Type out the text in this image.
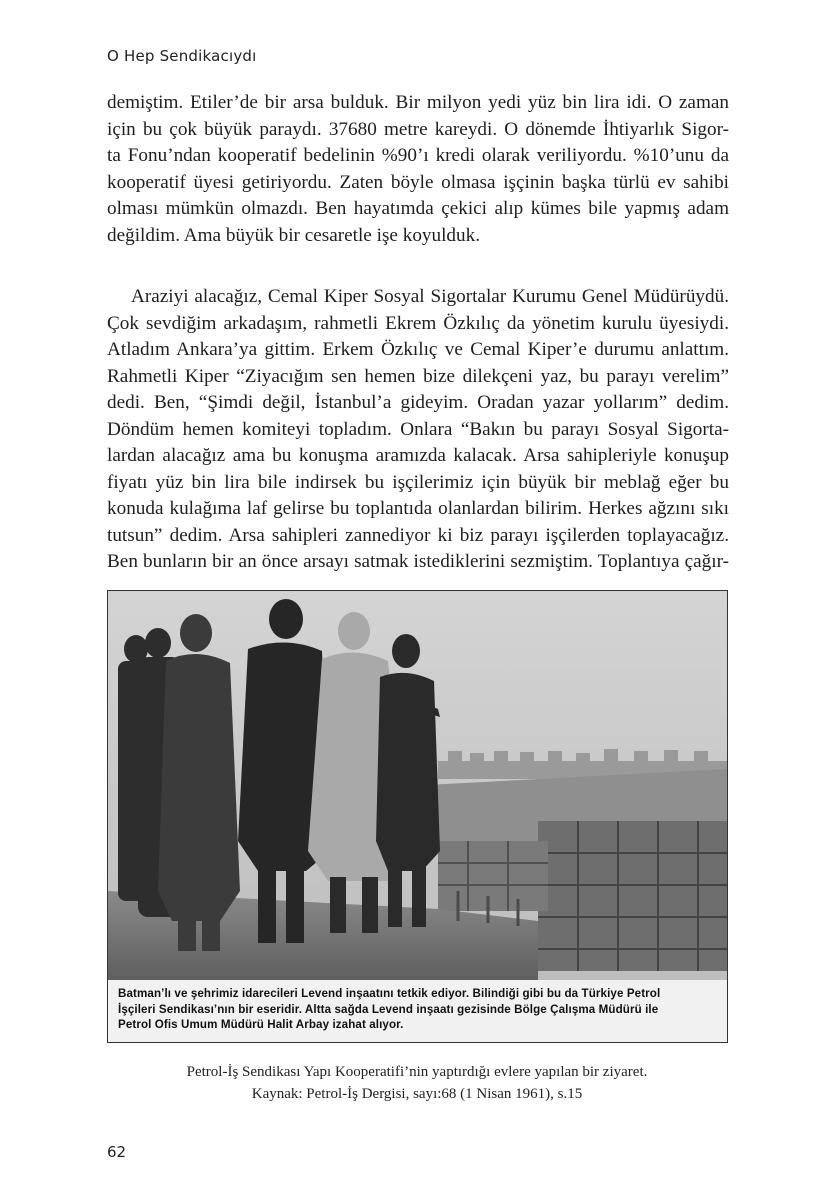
O Hep Sendikacıydı
demiştim. Etiler’de bir arsa bulduk. Bir milyon yedi yüz bin lira idi. O zaman
için bu çok büyük paraydı. 37680 metre kareydi. O dönemde İhtiyarlık Sigor-
ta Fonu’ndan kooperatif bedelinin %90’ı kredi olarak veriliyordu. %10’unu da
kooperatif üyesi getiriyordu. Zaten böyle olmasa işçinin başka türlü ev sahibi
olması mümkün olmazdı. Ben hayatımda çekici alıp kümes bile yapmış adam
değildim. Ama büyük bir cesaretle işe koyulduk.
Araziyi alacağız, Cemal Kiper Sosyal Sigortalar Kurumu Genel Müdürüydü.
Çok sevdiğim arkadaşım, rahmetli Ekrem Özkılıç da yönetim kurulu üyesiydi.
Atladım Ankara’ya gittim. Erkem Özkılıç ve Cemal Kiper’e durumu anlattım.
Rahmetli Kiper “Ziyacığım sen hemen bize dilekçeni yaz, bu parayı verelim”
dedi. Ben, “Şimdi değil, İstanbul’a gideyim. Oradan yazar yollarım” dedim.
Döndüm hemen komiteyi topladım. Onlara “Bakın bu parayı Sosyal Sigorta-
lardan alacağız ama bu konuşma aramızda kalacak. Arsa sahipleriyle konuşup
fiyatı yüz bin lira bile indirsek bu işçilerimiz için büyük bir meblağ eğer bu
konuda kulağıma laf gelirse bu toplantıda olanlardan bilirim. Herkes ağzını sıkı
tutsun” dedim. Arsa sahipleri zannediyor ki biz parayı işçilerden toplayacağız.
Ben bunların bir an önce arsayı satmak istediklerini sezmiştim. Toplantıya çağır-
Batman’lı ve şehrimiz idarecileri Levend inşaatını tetkik ediyor. Bilindiği gibi bu da Türkiye Petrol
İşçileri Sendikası’nın bir eseridir. Altta sağda Levend inşaatı gezisinde Bölge Çalışma Müdürü ile
Petrol Ofis Umum Müdürü Halit Arbay izahat alıyor.
Petrol-İş Sendikası Yapı Kooperatifi’nin yaptırdığı evlere yapılan bir ziyaret.
Kaynak: Petrol-İş Dergisi, sayı:68 (1 Nisan 1961), s.15
62
